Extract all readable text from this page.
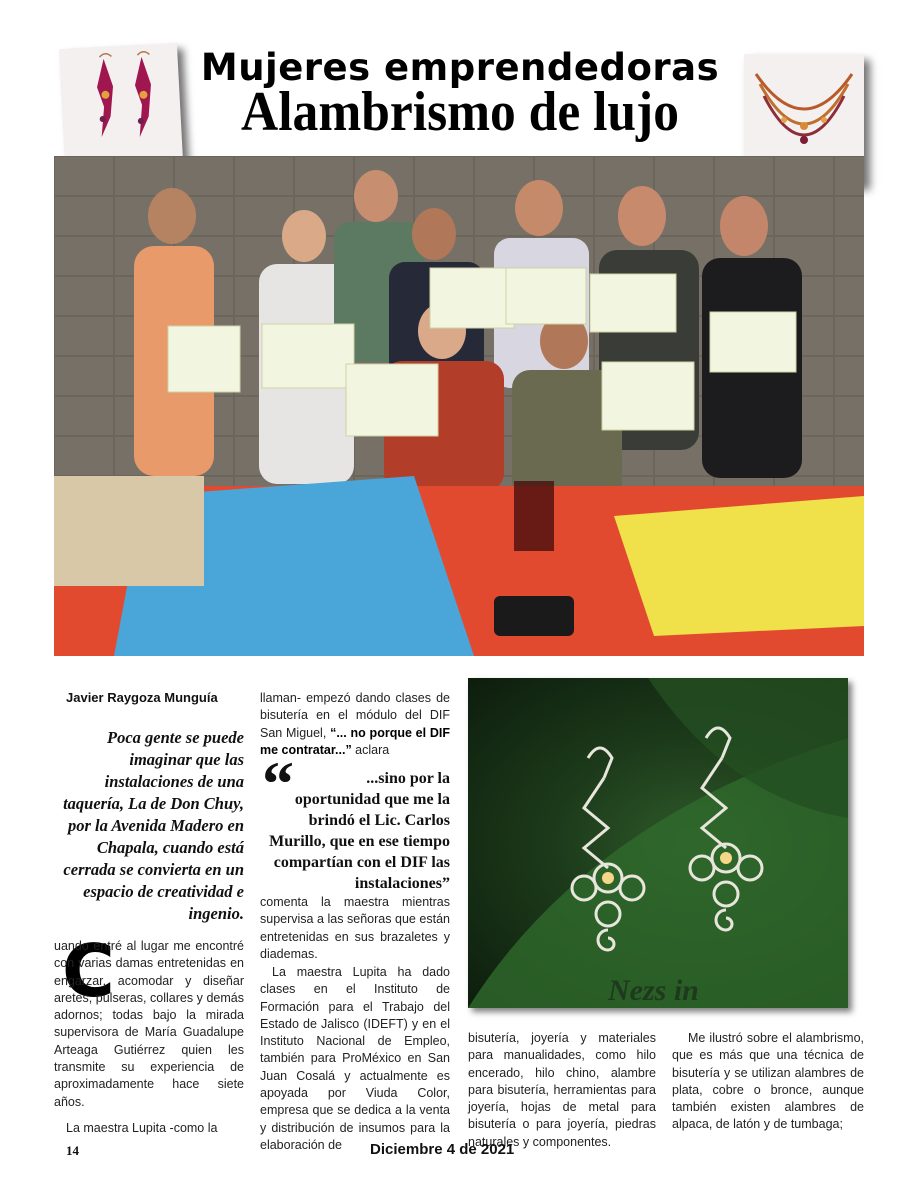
Mujeres emprendedoras
Alambrismo de lujo
Javier Raygoza Munguía
Poca gente se puede imaginar que las instalaciones de una taquería, La de Don Chuy, por la Avenida Madero en Chapala, cuando está cerrada se convierta en un espacio de creatividad e ingenio.
C
uando entré al lugar me encontré con varias damas entretenidas en engarzar, acomodar y diseñar aretes, pulseras, collares y demás adornos; todas bajo la mirada supervisora de María Guadalupe Arteaga Gutiérrez quien les transmite su experiencia de aproximadamente hace siete años.
La maestra Lupita -como la
llaman- empezó dando clases de bisutería en el módulo del DIF San Miguel, “... no porque el DIF me contratar...” aclara
“	...sino por la oportunidad que me la brindó el Lic. Carlos Murillo, que en ese tiempo compartían con el DIF las instalaciones”
comenta la maestra mientras supervisa a las señoras que están entretenidas en sus brazaletes y diademas.
La maestra Lupita ha dado clases en el Instituto de Formación para el Trabajo del Estado de Jalisco (IDEFT) y en el Instituto Nacional de Empleo, también para ProMéxico en San Juan Cosalá y actualmente es apoyada por Viuda Color, empresa que se dedica a la venta y distribución de insumos para la elaboración de
Nezs in
bisutería, joyería y materiales para manualidades, como hilo encerado, hilo chino, alambre para bisutería, herramientas para joyería, hojas de metal para bisutería o para joyería, piedras naturales y componentes.
Me ilustró sobre el alambrismo, que es más que una técnica de bisutería y se utilizan alambres de plata, cobre o bronce, aunque también existen alambres de alpaca, de latón y de tumbaga;
14	Diciembre 4 de 2021
